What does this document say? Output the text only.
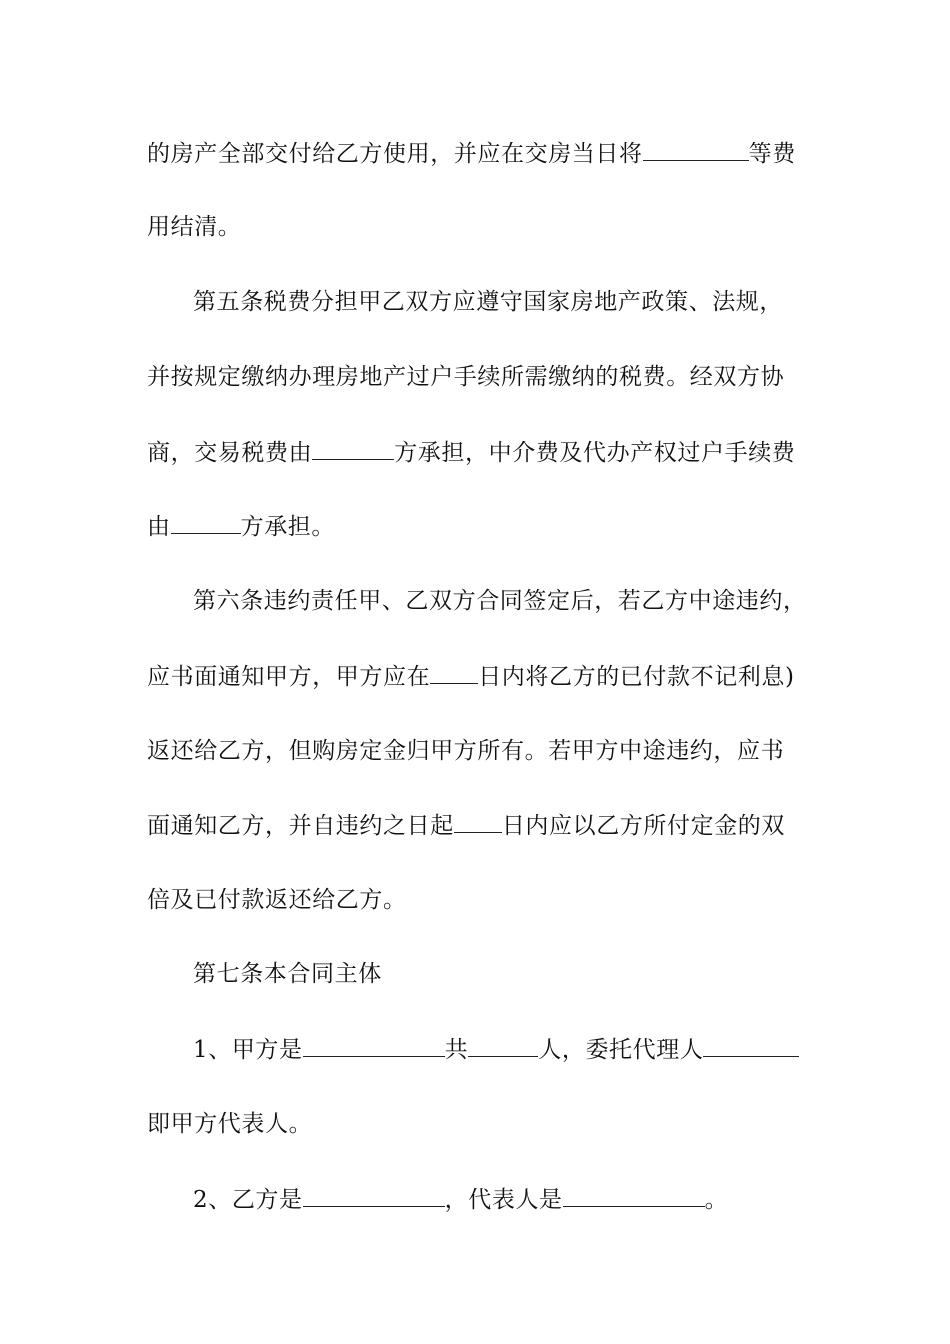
的房产全部交付给乙方使用，并应在交房当日将	等费
用结清。
第五条税费分担甲乙双方应遵守国家房地产政策、法规，
并按规定缴纳办理房地产过户手续所需缴纳的税费。经双方协
商，交易税费由	方承担，中介费及代办产权过户手续费
由	方承担。
第六条违约责任甲、乙双方合同签定后，若乙方中途违约，
应书面通知甲方，甲方应在 日内将乙方的已付款不记利息)
返还给乙方，但购房定金归甲方所有。若甲方中途违约，应书
面通知乙方，并自违约之日起 日内应以乙方所付定金的双
倍及已付款返还给乙方。
第七条本合同主体
1、甲方是	共	人，委托代理人
即甲方代表人。
2、乙方是	，代表人是	。
